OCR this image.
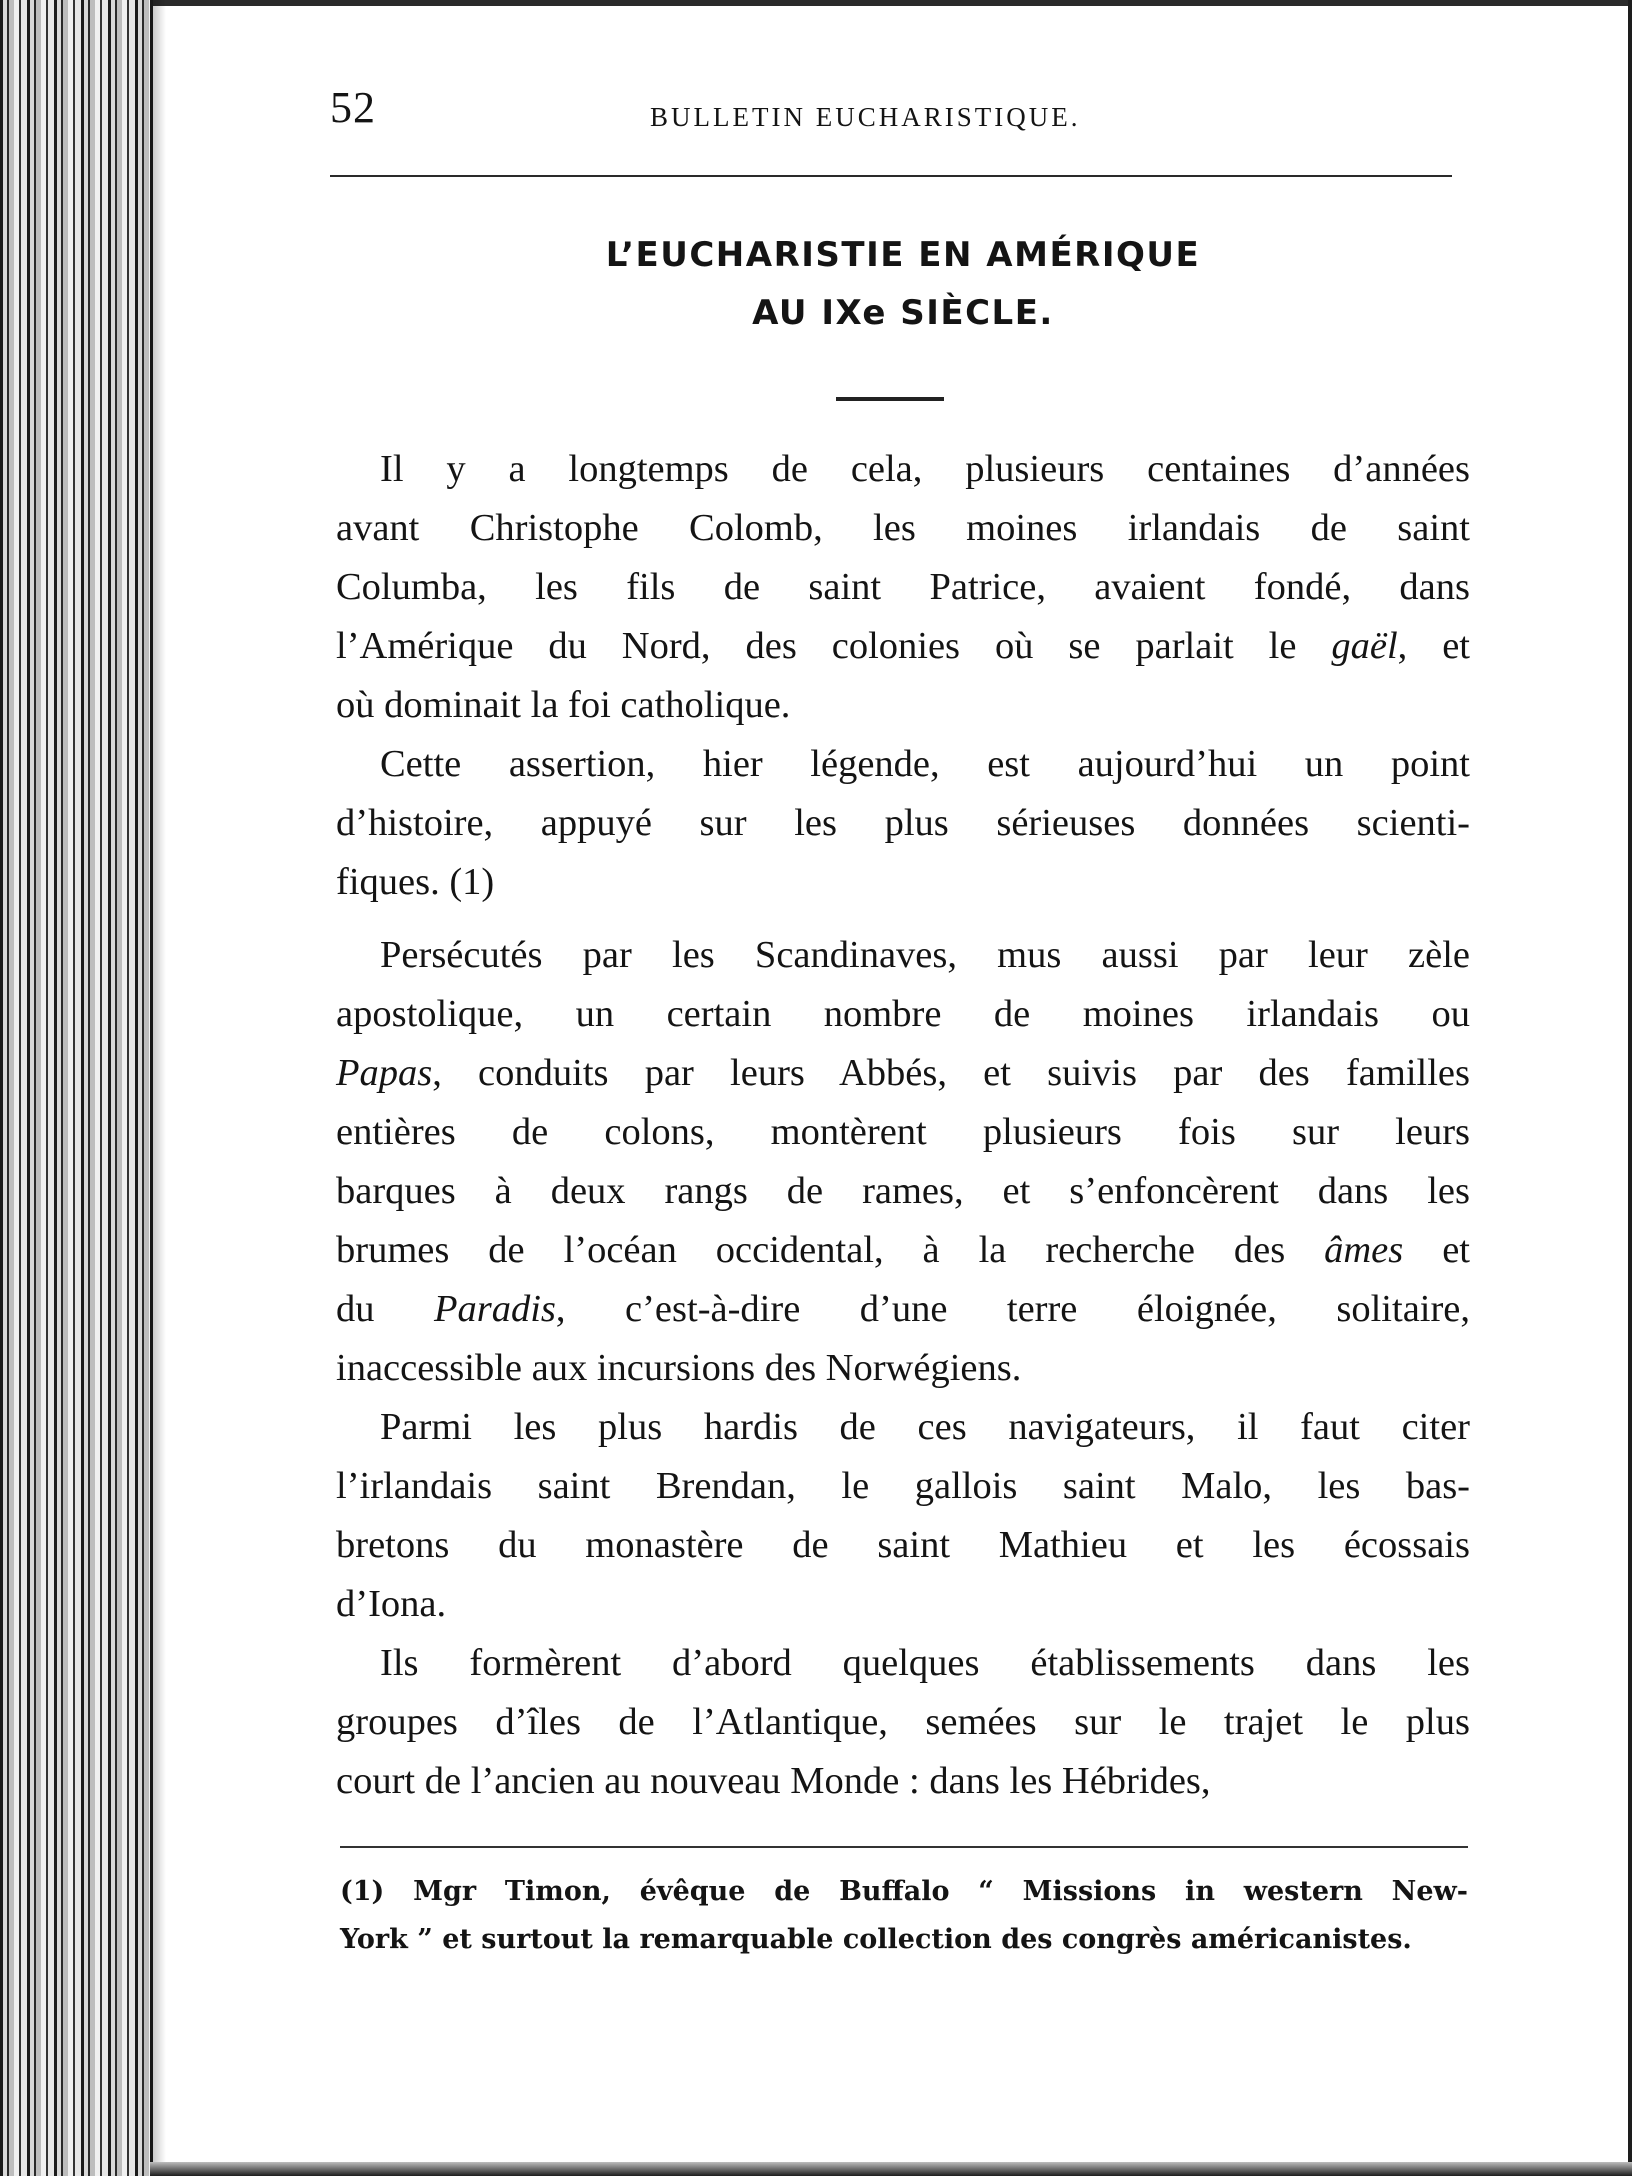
52	BULLETIN EUCHARISTIQUE.
L’EUCHARISTIE EN AMÉRIQUE
AU IXe SIÈCLE.

Il y a longtemps de cela, plusieurs centaines d’années
avant Christophe Colomb, les moines irlandais de saint
Columba, les fils de saint Patrice, avaient fondé, dans
l’Amérique du Nord, des colonies où se parlait le gaël, et
où dominait la foi catholique.

Cette assertion, hier légende, est aujourd’hui un point
d’histoire, appuyé sur les plus sérieuses données scienti-
fiques. (1)

Persécutés par les Scandinaves, mus aussi par leur zèle
apostolique, un certain nombre de moines irlandais ou
Papas, conduits par leurs Abbés, et suivis par des familles
entières de colons, montèrent plusieurs fois sur leurs
barques à deux rangs de rames, et s’enfoncèrent dans les
brumes de l’océan occidental, à la recherche des âmes et
du Paradis, c’est-à-dire d’une terre éloignée, solitaire,
inaccessible aux incursions des Norwégiens.

Parmi les plus hardis de ces navigateurs, il faut citer
l’irlandais saint Brendan, le gallois saint Malo, les bas-
bretons du monastère de saint Mathieu et les écossais
d’Iona.

Ils formèrent d’abord quelques établissements dans les
groupes d’îles de l’Atlantique, semées sur le trajet le plus
court de l’ancien au nouveau Monde : dans les Hébrides,

(1) Mgr Timon, évêque de Buffalo “ Missions in western New-
York ” et surtout la remarquable collection des congrès américanistes.
